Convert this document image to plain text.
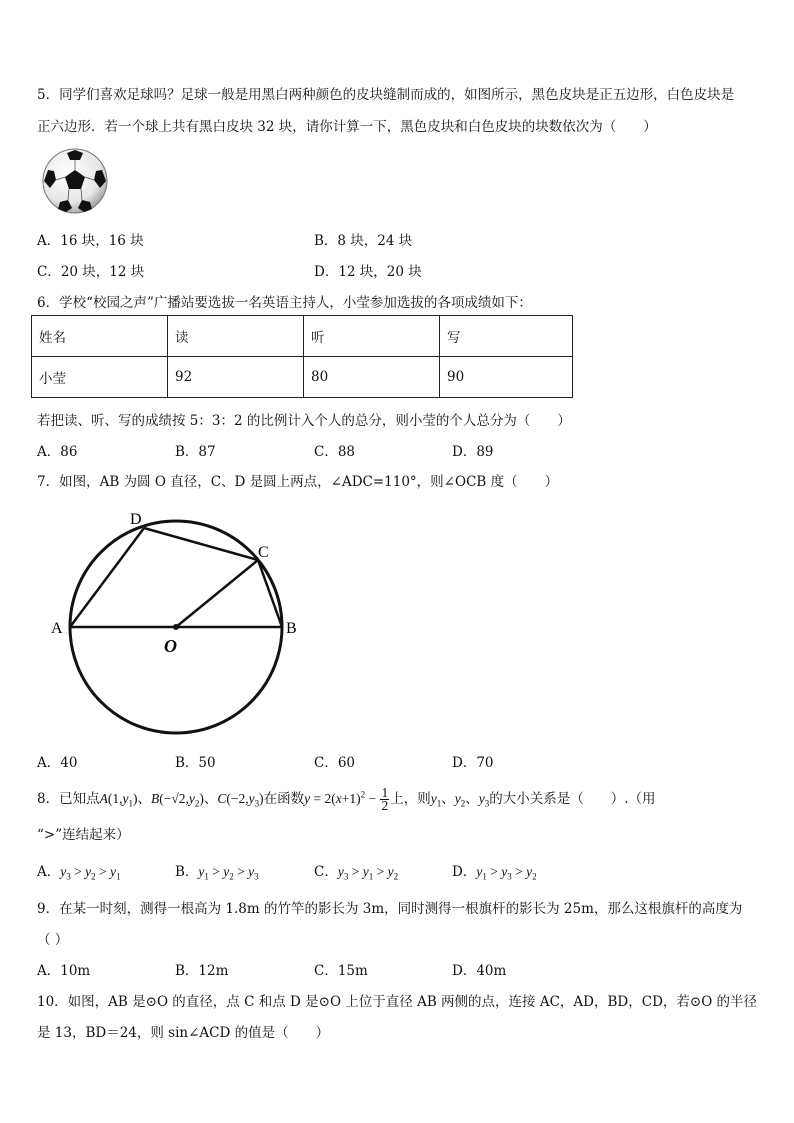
5．同学们喜欢足球吗？足球一般是用黑白两种颜色的皮块缝制而成的，如图所示，黑色皮块是正五边形，白色皮块是
正六边形．若一个球上共有黑白皮块 32 块，请你计算一下，黑色皮块和白色皮块的块数依次为（　　）
A．16 块，16 块	B．8 块，24 块
C．20 块，12 块	D．12 块，20 块
6．学校“校园之声”广播站要选拔一名英语主持人，小莹参加选拔的各项成绩如下：
姓名	读	听	写
小莹	92	80	90
若把读、听、写的成绩按 5：3：2 的比例计入个人的总分，则小莹的个人总分为（　　）
A．86	B．87	C．88	D．89
7．如图，AB 为圆 O 直径，C、D 是圆上两点，∠ADC=110°，则∠OCB 度（　　）
D
C
A	B
O
A．40	B．50	C．60	D．70
8．已知点$A(1,y_1)$、$B(-√2,y_2)$、$C(-2,y_3)$在函数$y = 2(x+1)^2 - \frac{1}{2}$ 上，则$y_1$、$y_2$、$y_3$的大小关系是（　　）.（用
“>”连结起来）
A．$y_3 > y_2 > y_1$	B．$y_1 > y_2 > y_3$	C．$y_3 > y_1 > y_2$	D．$y_1 > y_3 > y_2$
9．在某一时刻，测得一根高为 1.8m 的竹竿的影长为 3m，同时测得一根旗杆的影长为 25m，那么这根旗杆的高度为
（ ）
A．10m	B．12m	C．15m	D．40m
10．如图，AB 是⊙O 的直径，点 C 和点 D 是⊙O 上位于直径 AB 两侧的点，连接 AC，AD，BD，CD，若⊙O 的半径
是 13，BD＝24，则 sin∠ACD 的值是（　　）
